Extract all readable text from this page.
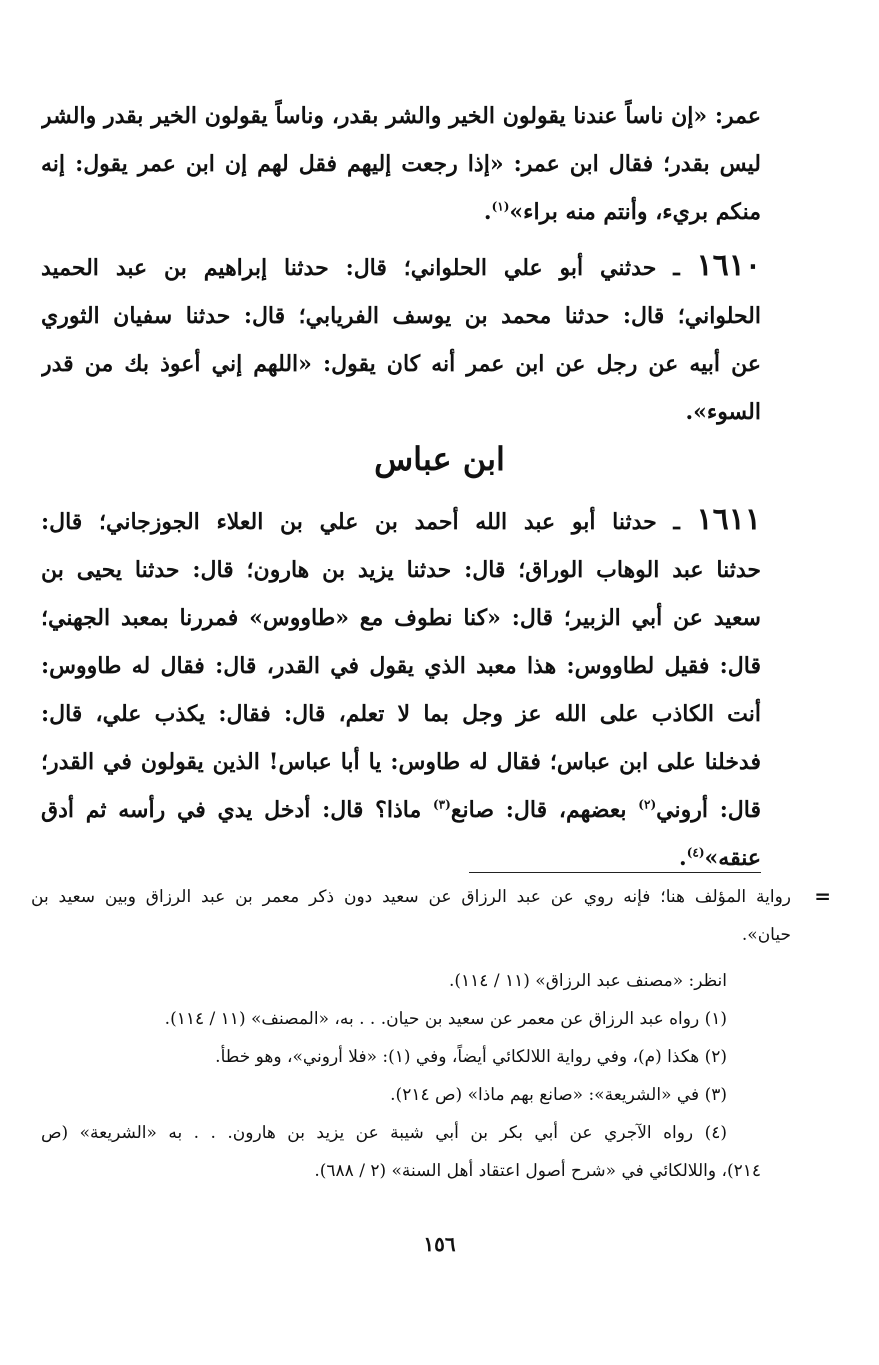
عمر: «إن ناساً عندنا يقولون الخير والشر بقدر، وناساً يقولون الخير بقدر والشر
ليس بقدر؛ فقال ابن عمر: «إذا رجعت إليهم فقل لهم إن ابن عمر يقول: إنه
منكم بريء، وأنتم منه براء»$^{(١)}$.
١٦١٠ ـ حدثني أبو علي الحلواني؛ قال: حدثنا إبراهيم بن عبد الحميد
الحلواني؛ قال: حدثنا محمد بن يوسف الفريابي؛ قال: حدثنا سفيان الثوري
عن أبيه عن رجل عن ابن عمر أنه كان يقول: «اللهم إني أعوذ بك من قدر
السوء».
ابن عباس
١٦١١ ـ حدثنا أبو عبد الله أحمد بن علي بن العلاء الجوزجاني؛ قال:
حدثنا عبد الوهاب الوراق؛ قال: حدثنا يزيد بن هارون؛ قال: حدثنا يحيى بن
سعيد عن أبي الزبير؛ قال: «كنا نطوف مع «طاووس» فمررنا بمعبد الجهني؛
قال: فقيل لطاووس: هذا معبد الذي يقول في القدر، قال: فقال له طاووس:
أنت الكاذب على الله عز وجل بما لا تعلم، قال: فقال: يكذب علي، قال:
فدخلنا على ابن عباس؛ فقال له طاوس: يا أبا عباس! الذين يقولون في القدر؛
قال: أروني$^{(٢)}$ بعضهم، قال: صانع$^{(٣)}$ ماذا؟ قال: أدخل يدي في رأسه ثم أدق
عنقه»$^{(٤)}$.
=
رواية المؤلف هنا؛ فإنه روي عن عبد الرزاق عن سعيد دون ذكر معمر بن عبد الرزاق وبين سعيد بن
حيان».
انظر: «مصنف عبد الرزاق» (١١ / ١١٤).
(١) رواه عبد الرزاق عن معمر عن سعيد بن حيان. . . به، «المصنف» (١١ / ١١٤).
(٢) هكذا (م)، وفي رواية اللالكائي أيضاً، وفي (١): «فلا أروني»، وهو خطأ.
(٣) في «الشريعة»: «صانع بهم ماذا» (ص ٢١٤).
(٤) رواه الآجري عن أبي بكر بن أبي شيبة عن يزيد بن هارون. . . به «الشريعة» (ص
٢١٤)، واللالكائي في «شرح أصول اعتقاد أهل السنة» (٢ / ٦٨٨).
١٥٦
